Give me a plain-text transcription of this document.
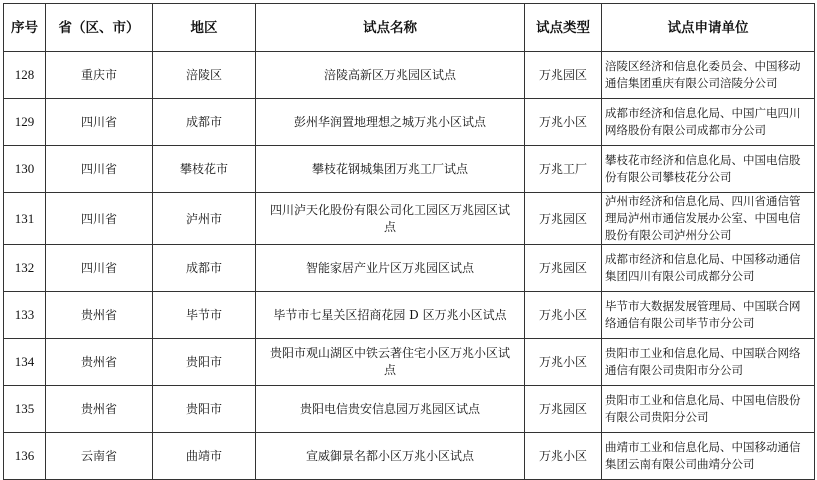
序号	省（区、市）	地区	试点名称	试点类型	试点申请单位
128	重庆市	涪陵区	涪陵高新区万兆园区试点	万兆园区	涪陵区经济和信息化委员会、中国移动通信集团重庆有限公司涪陵分公司
129	四川省	成都市	彭州华润置地理想之城万兆小区试点	万兆小区	成都市经济和信息化局、中国广电四川网络股份有限公司成都市分公司
130	四川省	攀枝花市	攀枝花钢城集团万兆工厂试点	万兆工厂	攀枝花市经济和信息化局、中国电信股份有限公司攀枝花分公司
131	四川省	泸州市	四川泸天化股份有限公司化工园区万兆园区试点	万兆园区	泸州市经济和信息化局、四川省通信管理局泸州市通信发展办公室、中国电信股份有限公司泸州分公司
132	四川省	成都市	智能家居产业片区万兆园区试点	万兆园区	成都市经济和信息化局、中国移动通信集团四川有限公司成都分公司
133	贵州省	毕节市	毕节市七星关区招商花园 D 区万兆小区试点	万兆小区	毕节市大数据发展管理局、中国联合网络通信有限公司毕节市分公司
134	贵州省	贵阳市	贵阳市观山湖区中铁云著住宅小区万兆小区试点	万兆小区	贵阳市工业和信息化局、中国联合网络通信有限公司贵阳市分公司
135	贵州省	贵阳市	贵阳电信贵安信息园万兆园区试点	万兆园区	贵阳市工业和信息化局、中国电信股份有限公司贵阳分公司
136	云南省	曲靖市	宣威御景名都小区万兆小区试点	万兆小区	曲靖市工业和信息化局、中国移动通信集团云南有限公司曲靖分公司
